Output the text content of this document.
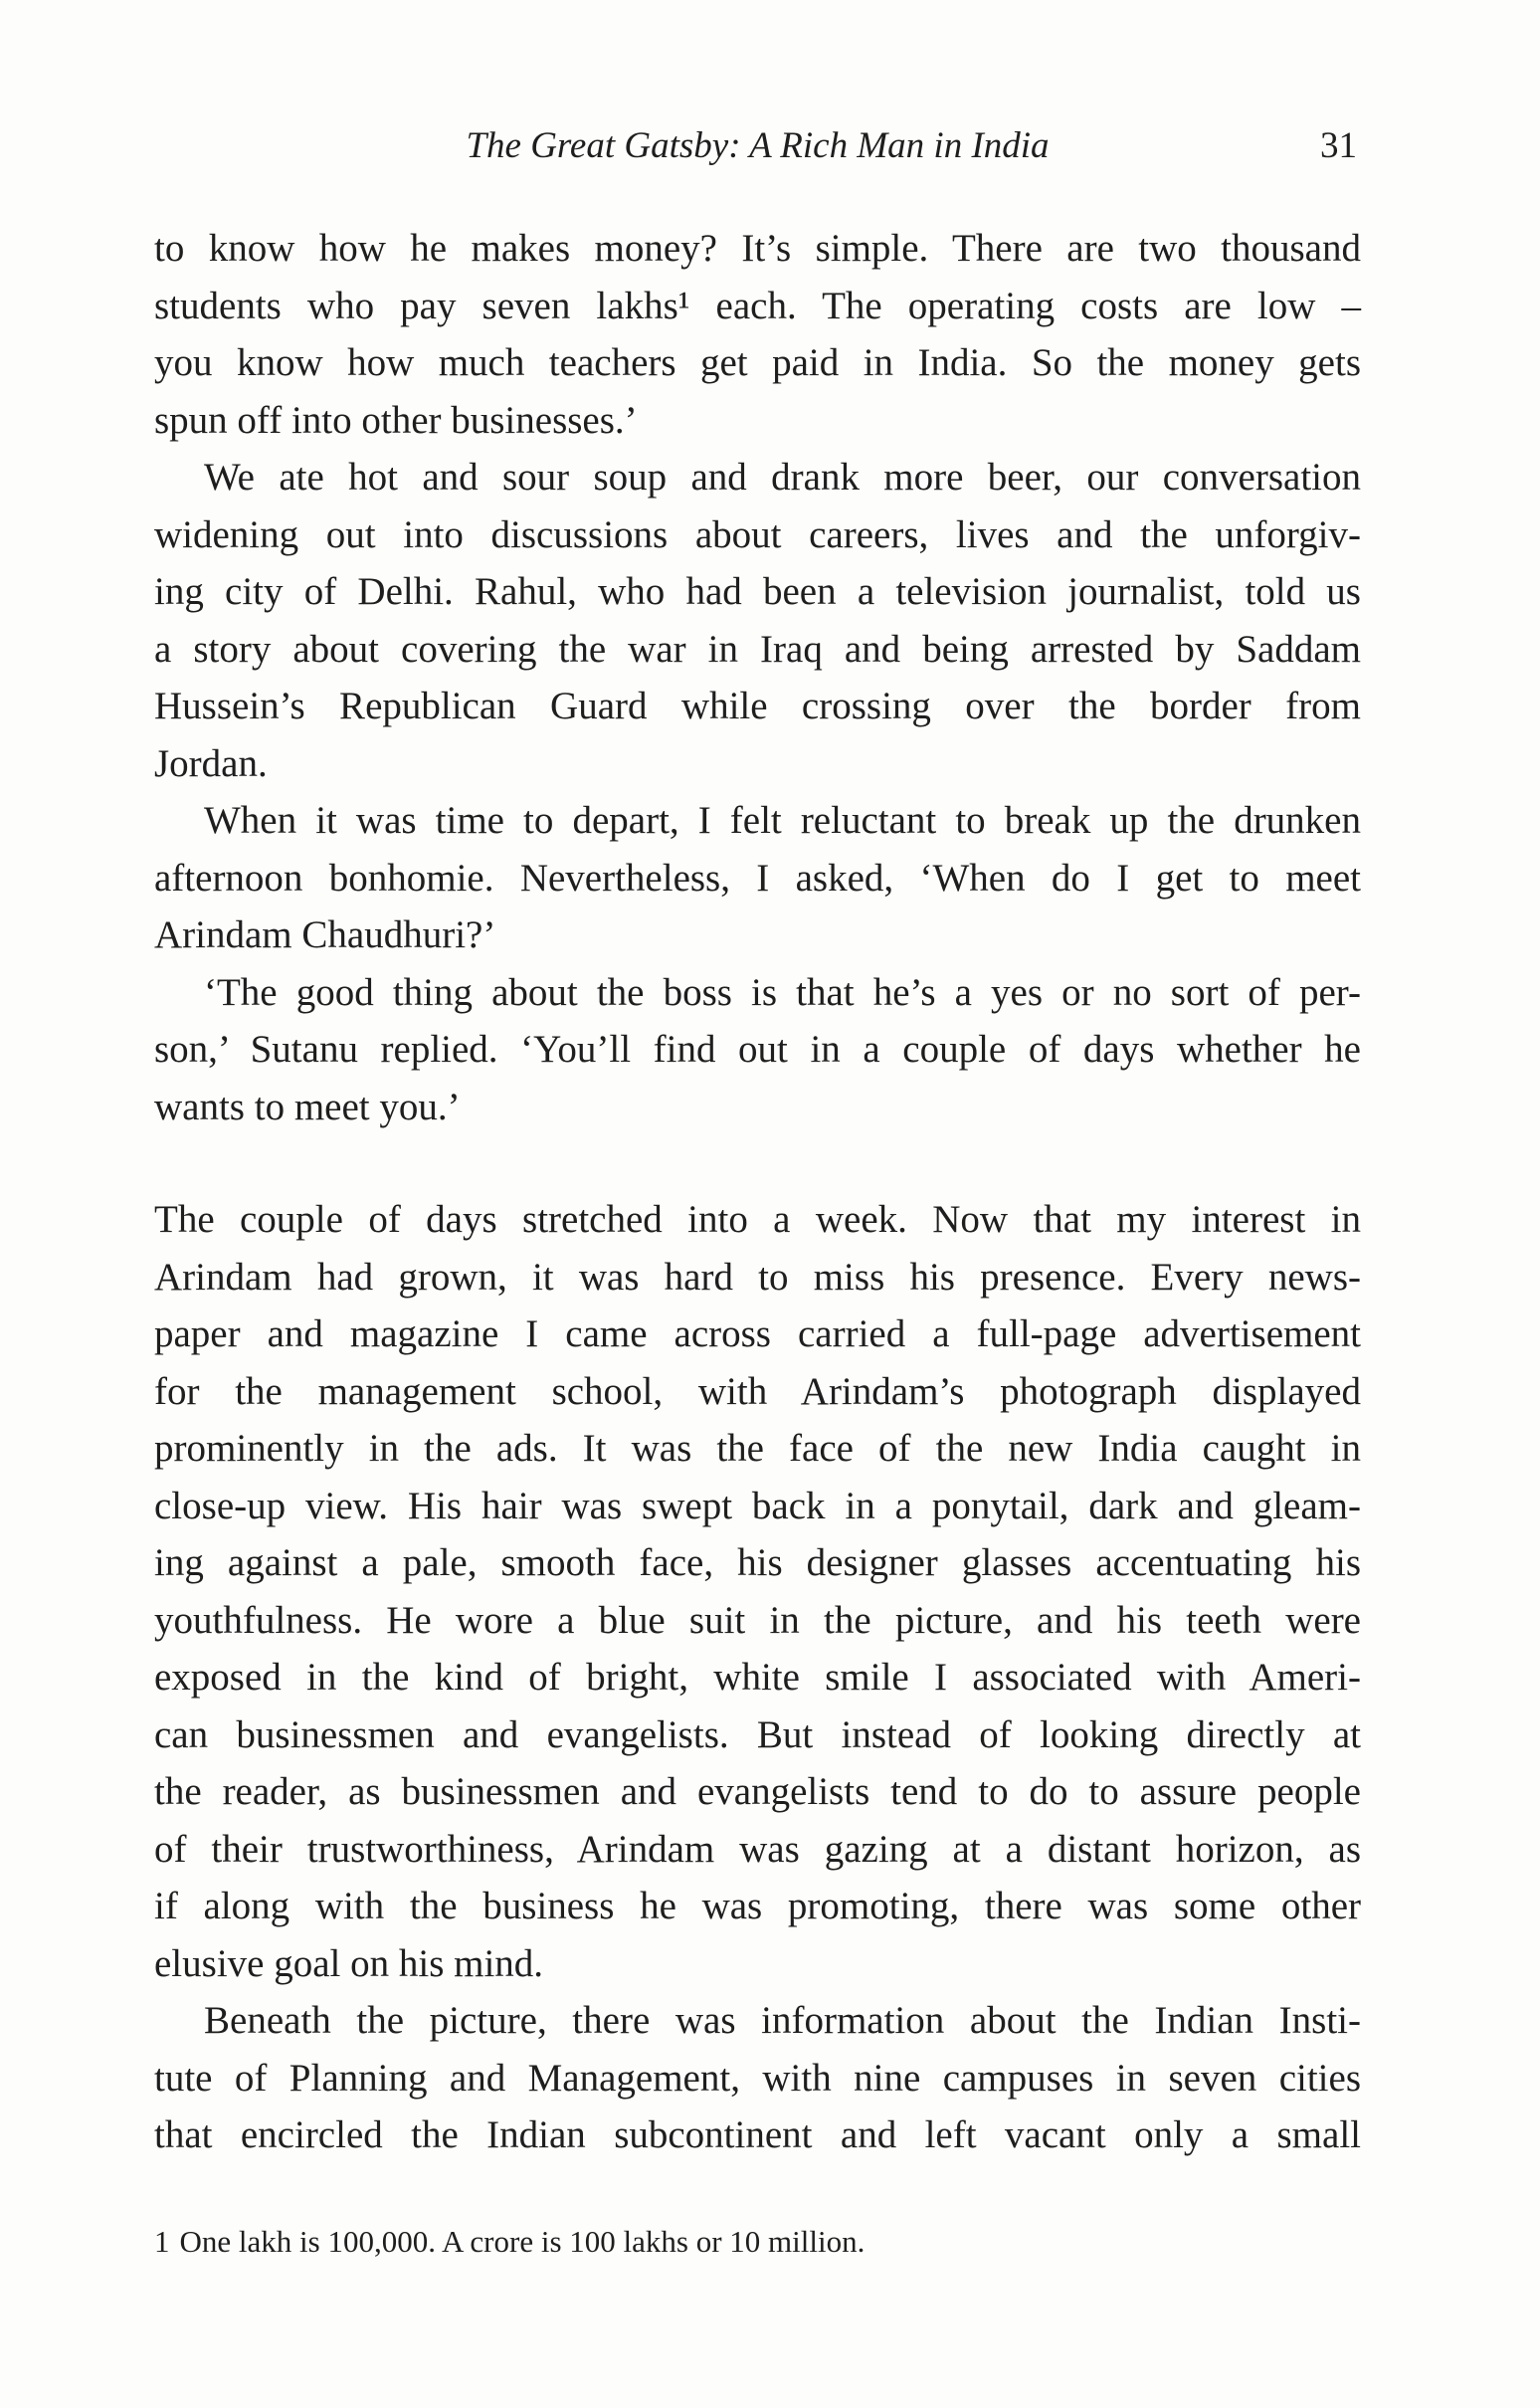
The Great Gatsby: A Rich Man in India	31
to know how he makes money? It’s simple. There are two thousand
students who pay seven lakhs¹ each. The operating costs are low –
you know how much teachers get paid in India. So the money gets
spun off into other businesses.’
We ate hot and sour soup and drank more beer, our conversation
widening out into discussions about careers, lives and the unforgiv-
ing city of Delhi. Rahul, who had been a television journalist, told us
a story about covering the war in Iraq and being arrested by Saddam
Hussein’s Republican Guard while crossing over the border from
Jordan.
When it was time to depart, I felt reluctant to break up the drunken
afternoon bonhomie. Nevertheless, I asked, ‘When do I get to meet
Arindam Chaudhuri?’
‘The good thing about the boss is that he’s a yes or no sort of per-
son,’ Sutanu replied. ‘You’ll find out in a couple of days whether he
wants to meet you.’
The couple of days stretched into a week. Now that my interest in
Arindam had grown, it was hard to miss his presence. Every news-
paper and magazine I came across carried a full-page advertisement
for the management school, with Arindam’s photograph displayed
prominently in the ads. It was the face of the new India caught in
close-up view. His hair was swept back in a ponytail, dark and gleam-
ing against a pale, smooth face, his designer glasses accentuating his
youthfulness. He wore a blue suit in the picture, and his teeth were
exposed in the kind of bright, white smile I associated with Ameri-
can businessmen and evangelists. But instead of looking directly at
the reader, as businessmen and evangelists tend to do to assure people
of their trustworthiness, Arindam was gazing at a distant horizon, as
if along with the business he was promoting, there was some other
elusive goal on his mind.
Beneath the picture, there was information about the Indian Insti-
tute of Planning and Management, with nine campuses in seven cities
that encircled the Indian subcontinent and left vacant only a small
1 One lakh is 100,000. A crore is 100 lakhs or 10 million.
